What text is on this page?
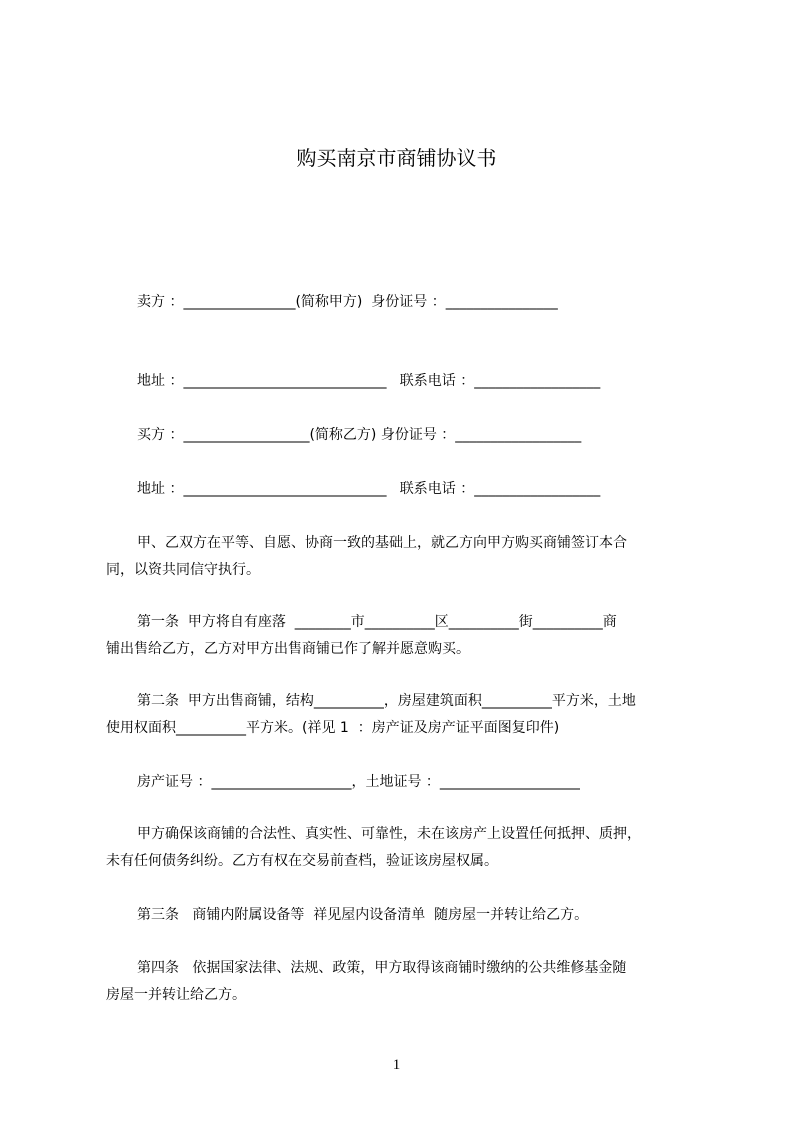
购买南京市商铺协议书
卖方 ：________________(简称甲方)  身份证号 ：________________
地址 ：_____________________________   联系电话 ：__________________
买方 ：__________________(简称乙方) 身份证号 ：__________________
地址 ：_____________________________   联系电话 ：__________________
甲、乙双方在平等、自愿、协商一致的基础上，就乙方向甲方购买商铺签订本合
同，以资共同信守执行。
第一条  甲方将自有座落  ________市__________区__________街__________商
铺出售给乙方，乙方对甲方出售商铺已作了解并愿意购买。
第二条  甲方出售商铺，结构__________，房屋建筑面积__________平方米，土地
使用权面积__________平方米。(祥见 1  ：房产证及房产证平面图复印件)
房产证号 ：____________________，土地证号 ：____________________
甲方确保该商铺的合法性、真实性、可靠性，未在该房产上设置任何抵押、质押，
未有任何债务纠纷。乙方有权在交易前查档，验证该房屋权属。
第三条   商铺内附属设备等  祥见屋内设备清单  随房屋一并转让给乙方。
第四条   依据国家法律、法规、政策，甲方取得该商铺时缴纳的公共维修基金随
房屋一并转让给乙方。
1
